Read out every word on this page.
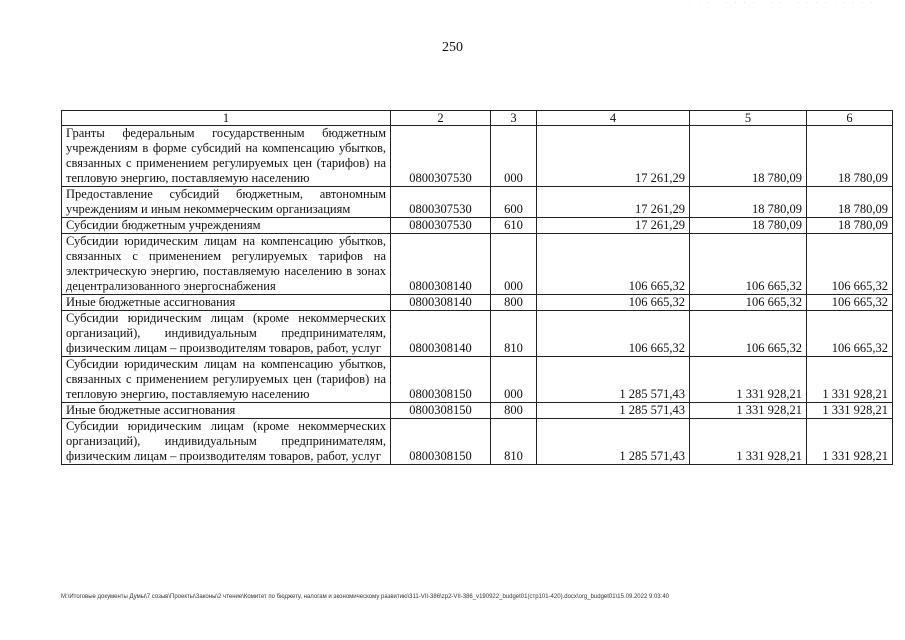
· · · · · · · · · · · · · · · · · · · · ·
250
1	2	3	4	5	6
Гранты федеральным государственным бюджетным учреждениям в форме субсидий на компенсацию убытков, связанных с применением регулируемых цен (тарифов) на тепловую энергию, поставляемую населению	0800307530	000	17 261,29	18 780,09	18 780,09
Предоставление субсидий бюджетным, автономным учреждениям и иным некоммерческим организациям	0800307530	600	17 261,29	18 780,09	18 780,09
Субсидии бюджетным учреждениям	0800307530	610	17 261,29	18 780,09	18 780,09
Субсидии юридическим лицам на компенсацию убытков, связанных с применением регулируемых тарифов на электрическую энергию, поставляемую населению в зонах децентрализованного энергоснабжения	0800308140	000	106 665,32	106 665,32	106 665,32
Иные бюджетные ассигнования	0800308140	800	106 665,32	106 665,32	106 665,32
Субсидии юридическим лицам (кроме некоммерческих организаций), индивидуальным предпринимателям, физическим лицам – производителям товаров, работ, услуг	0800308140	810	106 665,32	106 665,32	106 665,32
Субсидии юридическим лицам на компенсацию убытков, связанных с применением регулируемых цен (тарифов) на тепловую энергию, поставляемую населению	0800308150	000	1 285 571,43	1 331 928,21	1 331 928,21
Иные бюджетные ассигнования	0800308150	800	1 285 571,43	1 331 928,21	1 331 928,21
Субсидии юридическим лицам (кроме некоммерческих организаций), индивидуальным предпринимателям, физическим лицам – производителям товаров, работ, услуг	0800308150	810	1 285 571,43	1 331 928,21	1 331 928,21
M:\Итоговые документы Думы\7 созыв\Проекты\Законы\2 чтение\Комитет по бюджету, налогам и экономическому развитию\311-VII-386\zp2-VII-386_v190922_budget01(стр101-420).docx\org_budget01\15.09.2022 9:03:40
